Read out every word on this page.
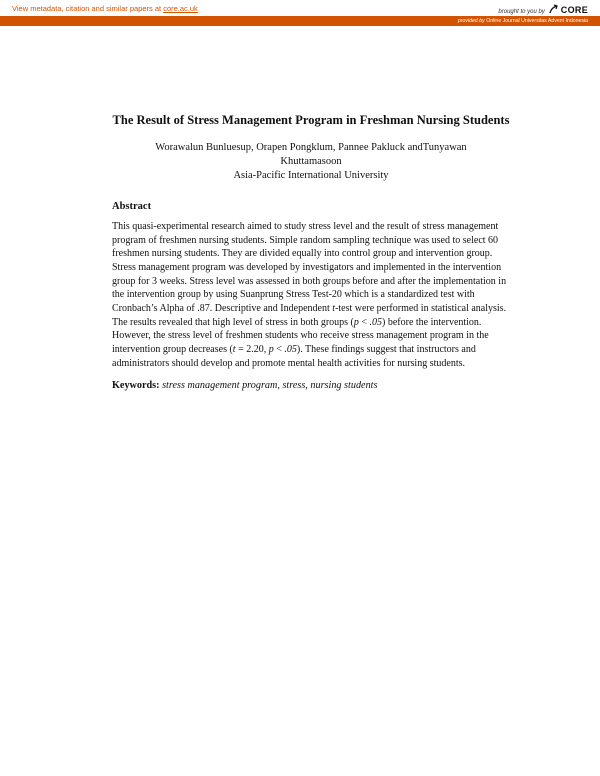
View metadata, citation and similar papers at core.ac.uk	brought to you by CORE
provided by Online Journal Universitas Advent Indonesia
The Result of Stress Management Program in Freshman Nursing Students
Worawalun Bunluesup, Orapen Pongklum, Pannee Pakluck andTunyawan
Khuttamasoon
Asia-Pacific International University
Abstract

This quasi-experimental research aimed to study stress level and the result of stress management program of freshmen nursing students. Simple random sampling technique was used to select 60 freshmen nursing students. They are divided equally into control group and intervention group. Stress management program was developed by investigators and implemented in the intervention group for 3 weeks. Stress level was assessed in both groups before and after the implementation in the intervention group by using Suanprung Stress Test-20 which is a standardized test with Cronbach’s Alpha of .87. Descriptive and Independent t-test were performed in statistical analysis. The results revealed that high level of stress in both groups (p < .05) before the intervention. However, the stress level of freshmen students who receive stress management program in the intervention group decreases (t = 2.20, p < .05). These findings suggest that instructors and administrators should develop and promote mental health activities for nursing students.

Keywords: stress management program, stress, nursing students
